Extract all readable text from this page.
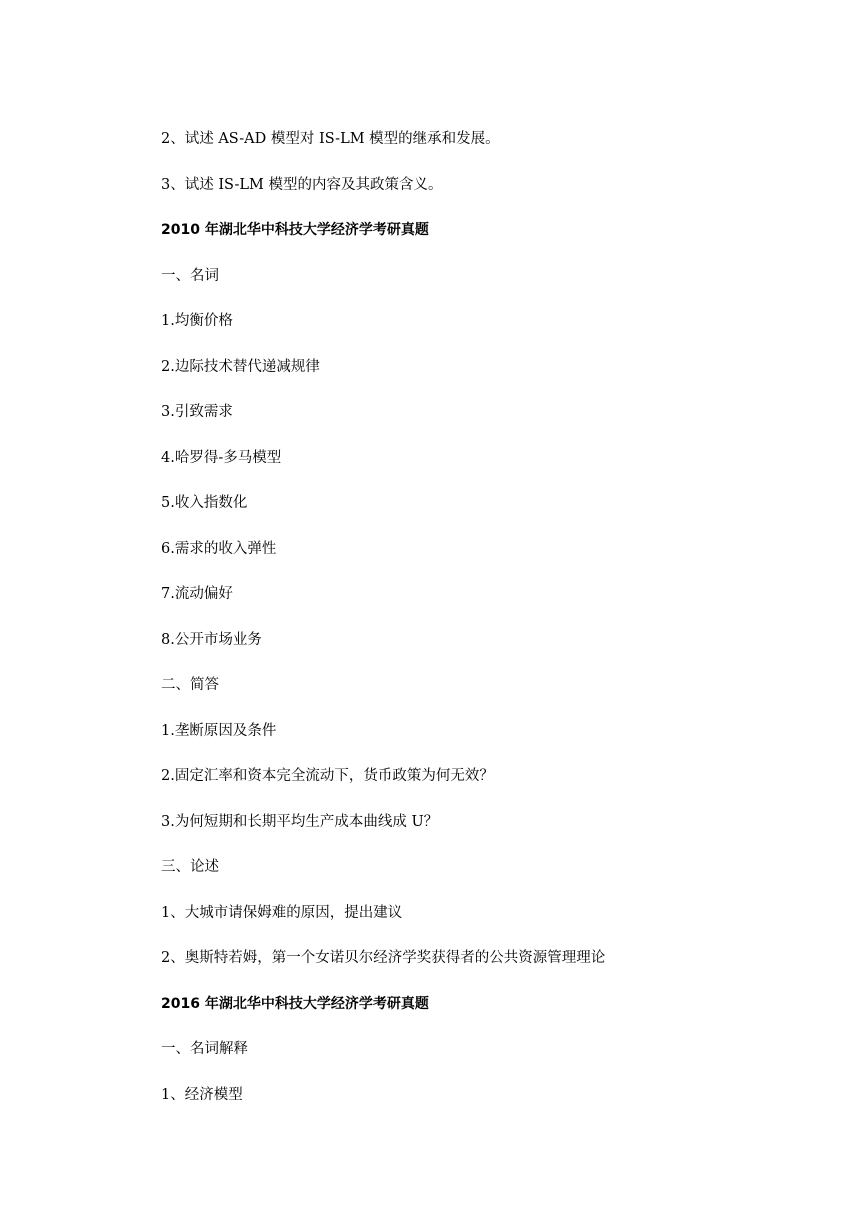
2、试述 AS-AD 模型对 IS-LM 模型的继承和发展。
3、试述 IS-LM 模型的内容及其政策含义。
2010 年湖北华中科技大学经济学考研真题
一、名词
1.均衡价格
2.边际技术替代递减规律
3.引致需求
4.哈罗得-多马模型
5.收入指数化
6.需求的收入弹性
7.流动偏好
8.公开市场业务
二、简答
1.垄断原因及条件
2.固定汇率和资本完全流动下，货币政策为何无效？
3.为何短期和长期平均生产成本曲线成 U？
三、论述
1、大城市请保姆难的原因，提出建议
2、奥斯特若姆，第一个女诺贝尔经济学奖获得者的公共资源管理理论
2016 年湖北华中科技大学经济学考研真题
一、名词解释
1、经济模型
